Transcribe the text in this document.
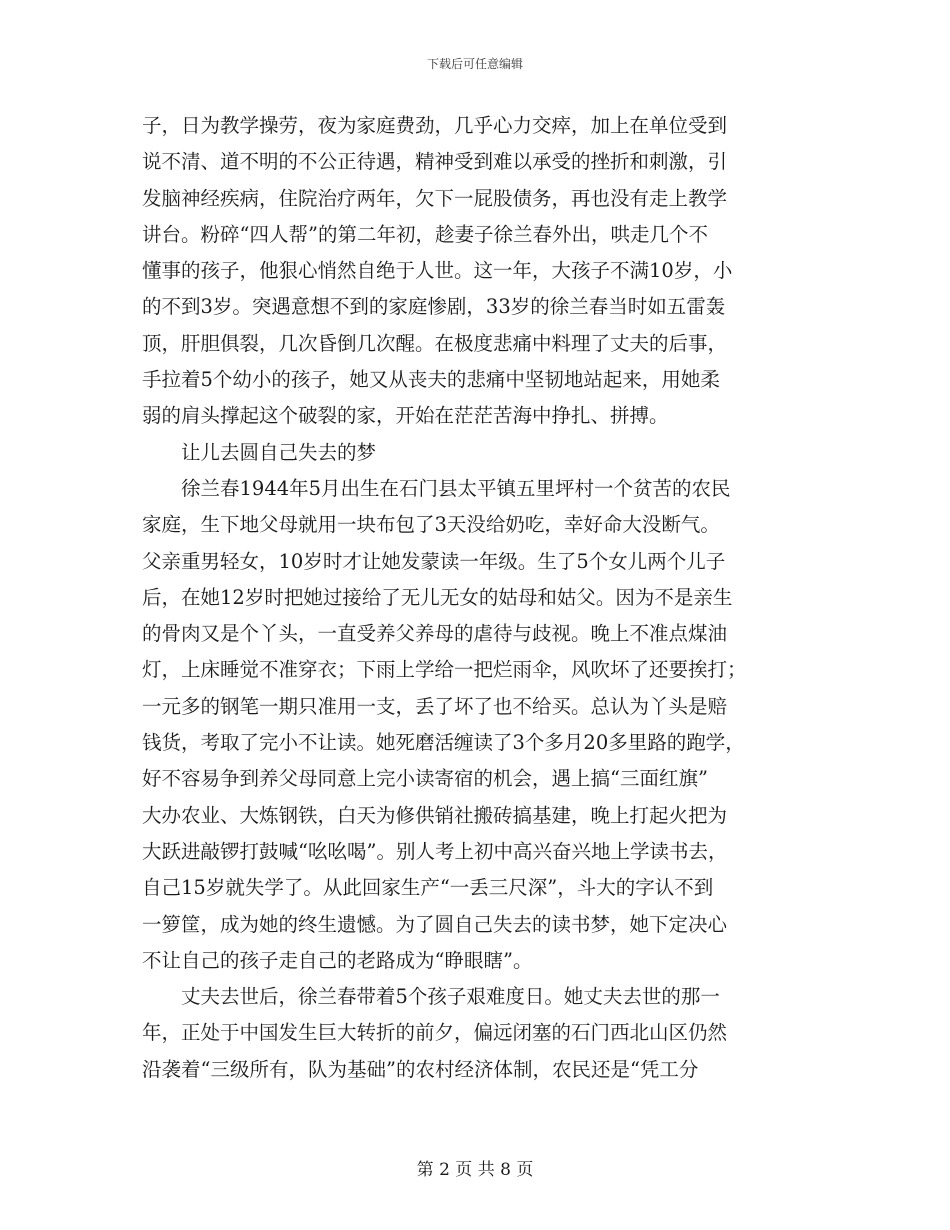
下载后可任意编辑
子，日为教学操劳，夜为家庭费劲，几乎心力交瘁，加上在单位受到
说不清、道不明的不公正待遇，精神受到难以承受的挫折和刺激，引
发脑神经疾病，住院治疗两年，欠下一屁股债务，再也没有走上教学
讲台。粉碎“四人帮”的第二年初，趁妻子徐兰春外出，哄走几个不
懂事的孩子，他狠心悄然自绝于人世。这一年，大孩子不满10岁，小
的不到3岁。突遇意想不到的家庭惨剧，33岁的徐兰春当时如五雷轰
顶，肝胆俱裂，几次昏倒几次醒。在极度悲痛中料理了丈夫的后事，
手拉着5个幼小的孩子，她又从丧夫的悲痛中坚韧地站起来，用她柔
弱的肩头撑起这个破裂的家，开始在茫茫苦海中挣扎、拼搏。
　　让儿去圆自己失去的梦
　　徐兰春1944年5月出生在石门县太平镇五里坪村一个贫苦的农民
家庭，生下地父母就用一块布包了3天没给奶吃，幸好命大没断气。
父亲重男轻女，10岁时才让她发蒙读一年级。生了5个女儿两个儿子
后，在她12岁时把她过接给了无儿无女的姑母和姑父。因为不是亲生
的骨肉又是个丫头，一直受养父养母的虐待与歧视。晚上不准点煤油
灯，上床睡觉不准穿衣；下雨上学给一把烂雨伞，风吹坏了还要挨打；
一元多的钢笔一期只准用一支，丢了坏了也不给买。总认为丫头是赔
钱货，考取了完小不让读。她死磨活缠读了3个多月20多里路的跑学，
好不容易争到养父母同意上完小读寄宿的机会，遇上搞“三面红旗”
大办农业、大炼钢铁，白天为修供销社搬砖搞基建，晚上打起火把为
大跃进敲锣打鼓喊“吆吆喝”。别人考上初中高兴奋兴地上学读书去，
自己15岁就失学了。从此回家生产“一丢三尺深”，斗大的字认不到
一箩筐，成为她的终生遗憾。为了圆自己失去的读书梦，她下定决心
不让自己的孩子走自己的老路成为“睁眼瞎”。
　　丈夫去世后，徐兰春带着5个孩子艰难度日。她丈夫去世的那一
年，正处于中国发生巨大转折的前夕，偏远闭塞的石门西北山区仍然
沿袭着“三级所有，队为基础”的农村经济体制，农民还是“凭工分
第 2 页 共 8 页
